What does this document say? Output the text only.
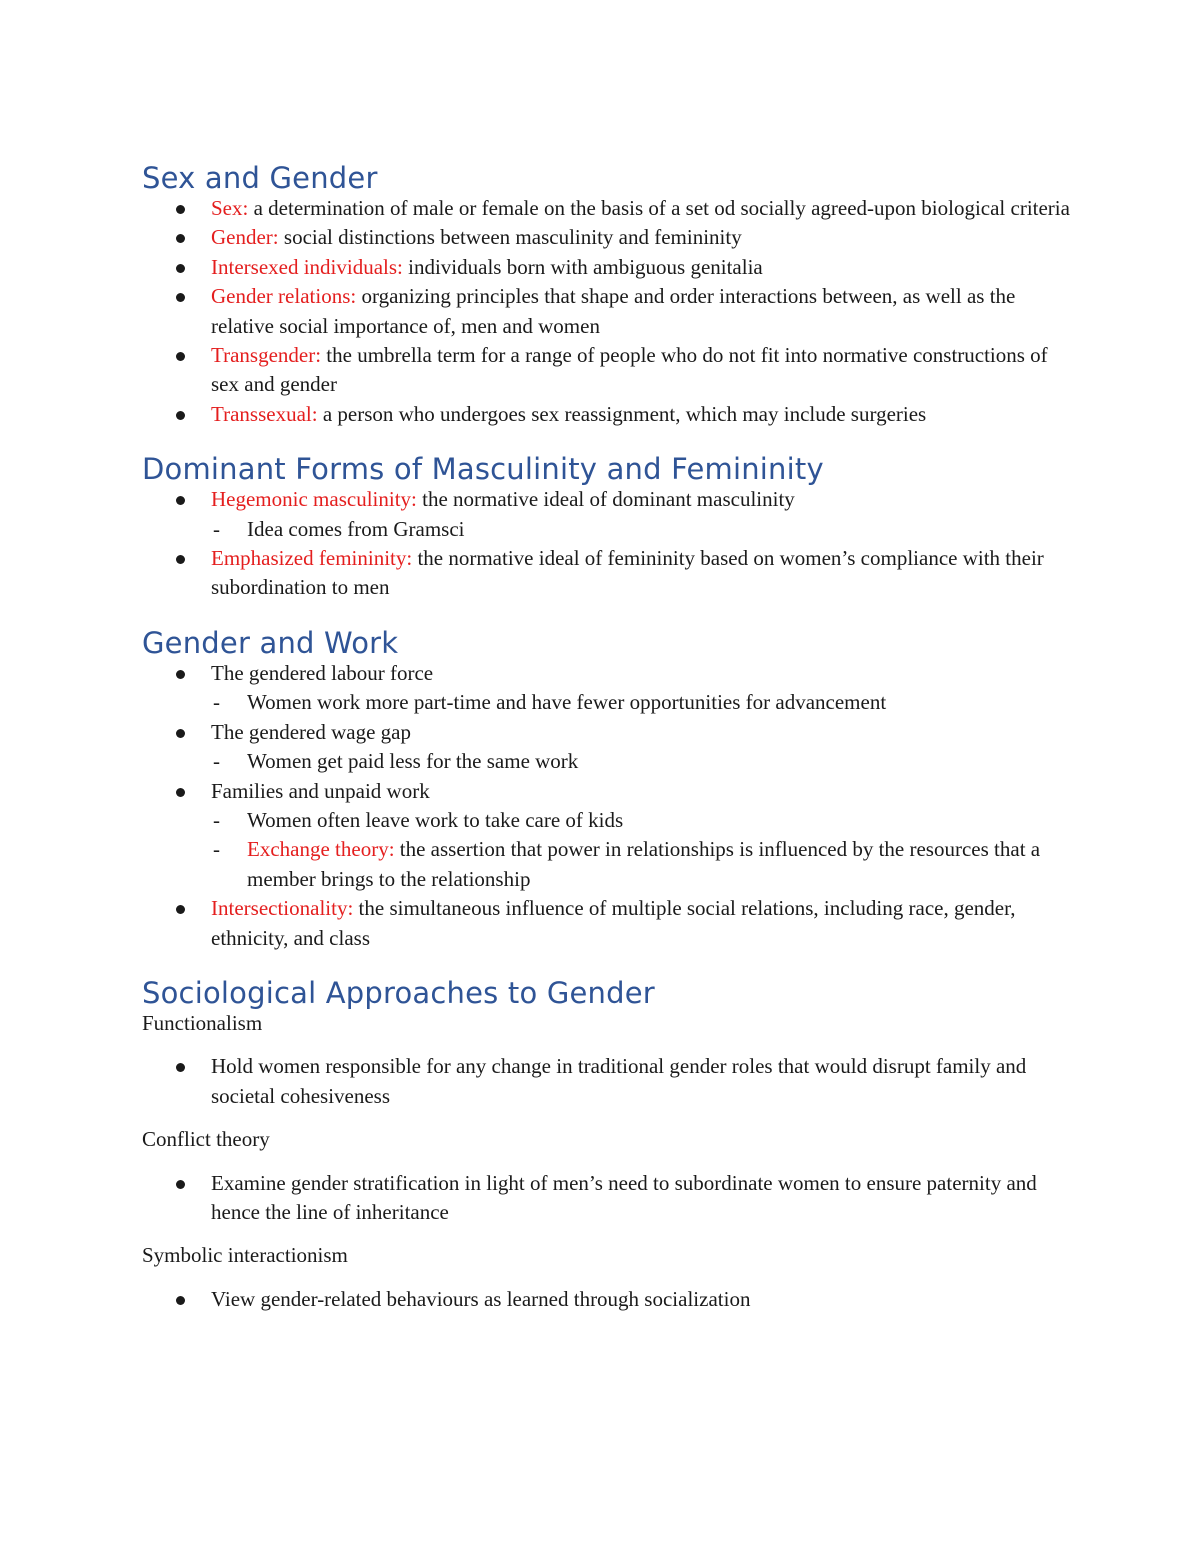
Sex and Gender
Sex: a determination of male or female on the basis of a set od socially agreed-upon biological criteria
Gender: social distinctions between masculinity and femininity
Intersexed individuals: individuals born with ambiguous genitalia
Gender relations: organizing principles that shape and order interactions between, as well as the relative social importance of, men and women
Transgender: the umbrella term for a range of people who do not fit into normative constructions of sex and gender
Transsexual: a person who undergoes sex reassignment, which may include surgeries
Dominant Forms of Masculinity and Femininity
Hegemonic masculinity: the normative ideal of dominant masculinity
- Idea comes from Gramsci
Emphasized femininity: the normative ideal of femininity based on women’s compliance with their subordination to men
Gender and Work
The gendered labour force
- Women work more part-time and have fewer opportunities for advancement
The gendered wage gap
- Women get paid less for the same work
Families and unpaid work
- Women often leave work to take care of kids
- Exchange theory: the assertion that power in relationships is influenced by the resources that a member brings to the relationship
Intersectionality: the simultaneous influence of multiple social relations, including race, gender, ethnicity, and class
Sociological Approaches to Gender

Functionalism

Hold women responsible for any change in traditional gender roles that would disrupt family and societal cohesiveness

Conflict theory

Examine gender stratification in light of men’s need to subordinate women to ensure paternity and hence the line of inheritance

Symbolic interactionism

View gender-related behaviours as learned through socialization
